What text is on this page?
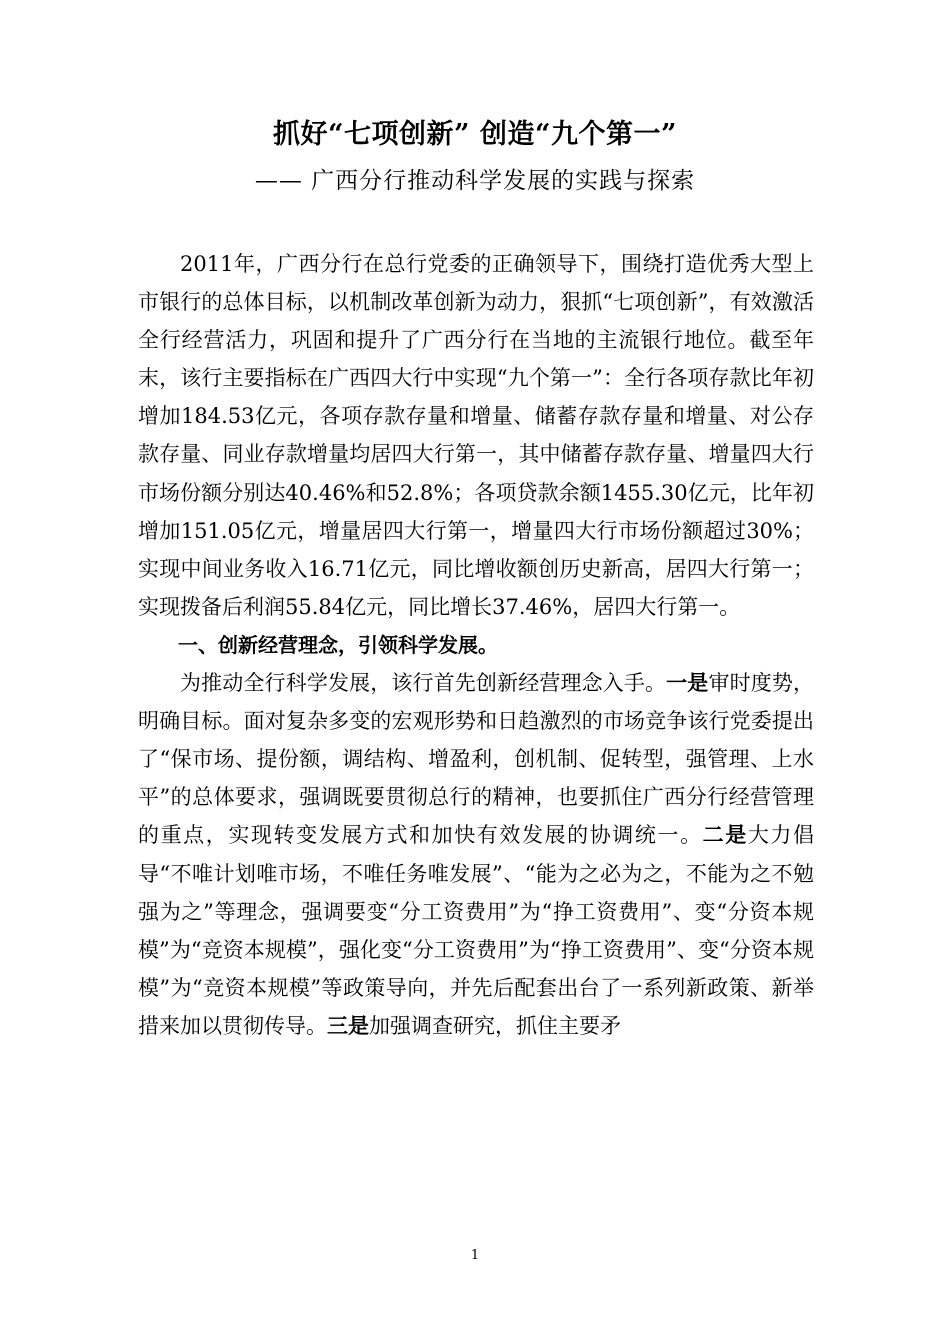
抓好“七项创新” 创造“九个第一”
—— 广西分行推动科学发展的实践与探索

2011年，广西分行在总行党委的正确领导下，围绕打造优秀大型上市银行的总体目标，以机制改革创新为动力，狠抓“七项创新”，有效激活全行经营活力，巩固和提升了广西分行在当地的主流银行地位。截至年末，该行主要指标在广西四大行中实现“九个第一”：全行各项存款比年初增加184.53亿元，各项存款存量和增量、储蓄存款存量和增量、对公存款存量、同业存款增量均居四大行第一，其中储蓄存款存量、增量四大行市场份额分别达40.46%和52.8%；各项贷款余额1455.30亿元，比年初增加151.05亿元，增量居四大行第一，增量四大行市场份额超过30%；实现中间业务收入16.71亿元，同比增收额创历史新高，居四大行第一；实现拨备后利润55.84亿元，同比增长37.46%，居四大行第一。

一、创新经营理念，引领科学发展。

为推动全行科学发展，该行首先创新经营理念入手。一是审时度势，明确目标。面对复杂多变的宏观形势和日趋激烈的市场竞争该行党委提出了“保市场、提份额，调结构、增盈利，创机制、促转型，强管理、上水平”的总体要求，强调既要贯彻总行的精神，也要抓住广西分行经营管理的重点，实现转变发展方式和加快有效发展的协调统一。二是大力倡导“不唯计划唯市场，不唯任务唯发展”、“能为之必为之，不能为之不勉强为之”等理念，强调要变“分工资费用”为“挣工资费用”、变“分资本规模”为“竞资本规模”，强化变“分工资费用”为“挣工资费用”、变“分资本规模”为“竞资本规模”等政策导向，并先后配套出台了一系列新政策、新举措来加以贯彻传导。三是加强调查研究，抓住主要矛

1
